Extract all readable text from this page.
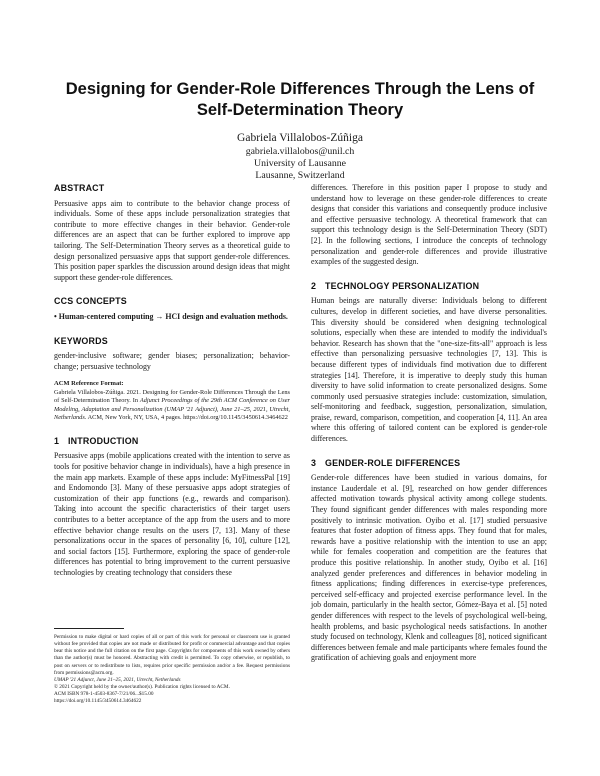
Designing for Gender-Role Differences Through the Lens of
Self-Determination Theory
Gabriela Villalobos-Zúñiga
gabriela.villalobos@unil.ch
University of Lausanne
Lausanne, Switzerland
ABSTRACT

Persuasive apps aim to contribute to the behavior change process of individuals. Some of these apps include personalization strategies that contribute to more effective changes in their behavior. Gender-role differences are an aspect that can be further explored to improve app tailoring. The Self-Determination Theory serves as a theoretical guide to design personalized persuasive apps that support gender-role differences. This position paper sparkles the discussion around design ideas that might support these gender-role differences.

CCS CONCEPTS

• Human-centered computing → HCI design and evaluation methods.

KEYWORDS

gender-inclusive software; gender biases; personalization; behavior-change; persuasive technology

ACM Reference Format:
Gabriela Villalobos-Zúñiga. 2021. Designing for Gender-Role Differences Through the Lens of Self-Determination Theory. In Adjunct Proceedings of the 29th ACM Conference on User Modeling, Adaptation and Personalization (UMAP '21 Adjunct), June 21–25, 2021, Utrecht, Netherlands. ACM, New York, NY, USA, 4 pages. https://doi.org/10.1145/3450614.3464622
1 INTRODUCTION

Persuasive apps (mobile applications created with the intention to serve as tools for positive behavior change in individuals), have a high presence in the main app markets. Example of these apps include: MyFitnessPal [19] and Endomondo [3]. Many of these persuasive apps adopt strategies of customization of their app functions (e.g., rewards and comparison). Taking into account the specific characteristics of their target users contributes to a better acceptance of the app from the users and to more effective behavior change results on the users [7, 13]. Many of these personalizations occur in the spaces of personality [6, 10], culture [12], and social factors [15]. Furthermore, exploring the space of gender-role differences has potential to bring improvement to the current persuasive technologies by creating technology that considers these

Permission to make digital or hard copies of all or part of this work for personal or classroom use is granted without fee provided that copies are not made or distributed for profit or commercial advantage and that copies bear this notice and the full citation on the first page. Copyrights for components of this work owned by others than the author(s) must be honored. Abstracting with credit is permitted. To copy otherwise, or republish, to post on servers or to redistribute to lists, requires prior specific permission and/or a fee. Request permissions from permissions@acm.org.

UMAP '21 Adjunct, June 21–25, 2021, Utrecht, Netherlands

© 2021 Copyright held by the owner/author(s). Publication rights licensed to ACM.

ACM ISBN 978-1-4503-8367-7/21/06...$15.00

https://doi.org/10.1145/3450614.3464622

differences. Therefore in this position paper I propose to study and understand how to leverage on these gender-role differences to create designs that consider this variations and consequently produce inclusive and effective persuasive technology. A theoretical framework that can support this technology design is the Self-Determination Theory (SDT) [2]. In the following sections, I introduce the concepts of technology personalization and gender-role differences and provide illustrative examples of the suggested design.

2 TECHNOLOGY PERSONALIZATION

Human beings are naturally diverse: Individuals belong to different cultures, develop in different societies, and have diverse personalities. This diversity should be considered when designing technological solutions, especially when these are intended to modify the individual's behavior. Research has shown that the "one-size-fits-all" approach is less effective than personalizing persuasive technologies [7, 13]. This is because different types of individuals find motivation due to different strategies [14]. Therefore, it is imperative to deeply study this human diversity to have solid information to create personalized designs. Some commonly used persuasive strategies include: customization, simulation, self-monitoring and feedback, suggestion, personalization, simulation, praise, reward, comparison, competition, and cooperation [4, 11]. An area where this offering of tailored content can be explored is gender-role differences.

3 GENDER-ROLE DIFFERENCES

Gender-role differences have been studied in various domains, for instance Lauderdale et al. [9], researched on how gender differences affected motivation towards physical activity among college students. They found significant gender differences with males responding more positively to intrinsic motivation. Oyibo et al. [17] studied persuasive features that foster adoption of fitness apps. They found that for males, rewards have a positive relationship with the intention to use an app; while for females cooperation and competition are the features that produce this positive relationship. In another study, Oyibo et al. [16] analyzed gender preferences and differences in behavior modeling in fitness applications; finding differences in exercise-type preferences, perceived self-efficacy and projected exercise performance level. In the job domain, particularly in the health sector, Gómez-Baya et al. [5] noted gender differences with respect to the levels of psychological well-being, health problems, and basic psychological needs satisfactions. In another study focused on technology, Klenk and colleagues [8], noticed significant differences between female and male participants where females found the gratification of achieving goals and enjoyment more
